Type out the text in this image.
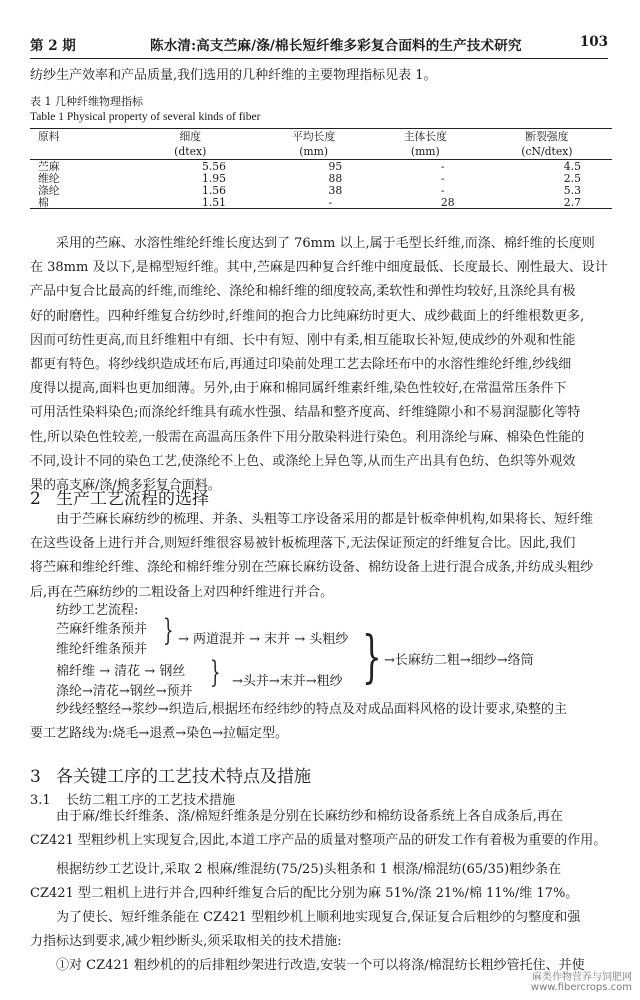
第 2 期	陈水清:高支苎麻/涤/棉长短纤维多彩复合面料的生产技术研究	103
纺纱生产效率和产品质量,我们选用的几种纤维的主要物理指标见表 1。
表 1 几种纤维物理指标
Table 1 Physical property of several kinds of fiber
原料	细度	平均长度	主体长度	断裂强度
	(dtex)	(mm)	(mm)	(cN/dtex)
苎麻	5.56	95	-	4.5
维纶	1.95	88	-	2.5
涤纶	1.56	38	-	5.3
棉	1.51	-	28	2.7
采用的苎麻、水溶性维纶纤维长度达到了 76mm 以上,属于毛型长纤维,而涤、棉纤维的长度则
在 38mm 及以下,是棉型短纤维。其中,苎麻是四种复合纤维中细度最低、长度最长、刚性最大、设计
产品中复合比最高的纤维,而维纶、涤纶和棉纤维的细度较高,柔软性和弹性均较好,且涤纶具有极
好的耐磨性。四种纤维复合纺纱时,纤维间的抱合力比纯麻纺时更大、成纱截面上的纤维根数更多,
因而可纺性更高,而且纤维粗中有细、长中有短、刚中有柔,相互能取长补短,使成纱的外观和性能
都更有特色。将纱线织造成坯布后,再通过印染前处理工艺去除坯布中的水溶性维纶纤维,纱线细
度得以提高,面料也更加细薄。另外,由于麻和棉同属纤维素纤维,染色性较好,在常温常压条件下
可用活性染料染色;而涤纶纤维具有疏水性强、结晶和整齐度高、纤维缝隙小和不易润湿膨化等特
性,所以染色性较差,一般需在高温高压条件下用分散染料进行染色。利用涤纶与麻、棉染色性能的
不同,设计不同的染色工艺,使涤纶不上色、或涤纶上异色等,从而生产出具有色纺、色织等外观效
果的高支麻/涤/棉多彩复合面料。
2 生产工艺流程的选择
由于苎麻长麻纺纱的梳理、并条、头粗等工序设备采用的都是针板牵伸机构,如果将长、短纤维
在这些设备上进行并合,则短纤维很容易被针板梳理落下,无法保证预定的纤维复合比。因此,我们
将苎麻和维纶纤维、涤纶和棉纤维分别在苎麻长麻纺设备、棉纺设备上进行混合成条,并纺成头粗纱
后,再在苎麻纺纱的二粗设备上对四种纤维进行并合。
纺纱工艺流程:
苎麻纤维条预并
维纶纤维条预并
} → 两道混并 → 末并 → 头粗纱
棉纤维 → 清花 → 钢丝
涤纶→清花→钢丝→预并
} →头并→末并→粗纱 } →长麻纺二粗→细纱→络筒
纱线经整经→浆纱→织造后,根据坯布经纬纱的特点及对成品面料风格的设计要求,染整的主
要工艺路线为:烧毛→退煮→染色→拉幅定型。
3 各关键工序的工艺技术特点及措施
3.1 长纺二粗工序的工艺技术措施
由于麻/维长纤维条、涤/棉短纤维条是分别在长麻纺纱和棉纺设备系统上各自成条后,再在
CZ421 型粗纱机上实现复合,因此,本道工序产品的质量对整项产品的研发工作有着极为重要的作用。
根据纺纱工艺设计,采取 2 根麻/维混纺(75/25)头粗条和 1 根涤/棉混纺(65/35)粗纱条在
CZ421 型二粗机上进行并合,四种纤维复合后的配比分别为麻 51%/涤 21%/棉 11%/维 17%。
为了使长、短纤维条能在 CZ421 型粗纱机上顺利地实现复合,保证复合后粗纱的匀整度和强
力指标达到要求,减少粗纱断头,须采取相关的技术措施:
①对 CZ421 粗纱机的的后排粗纱架进行改造,安装一个可以将涤/棉混纺长粗纱管托住、并使
麻类作物营养与饲肥网
www.fibercrops.com
